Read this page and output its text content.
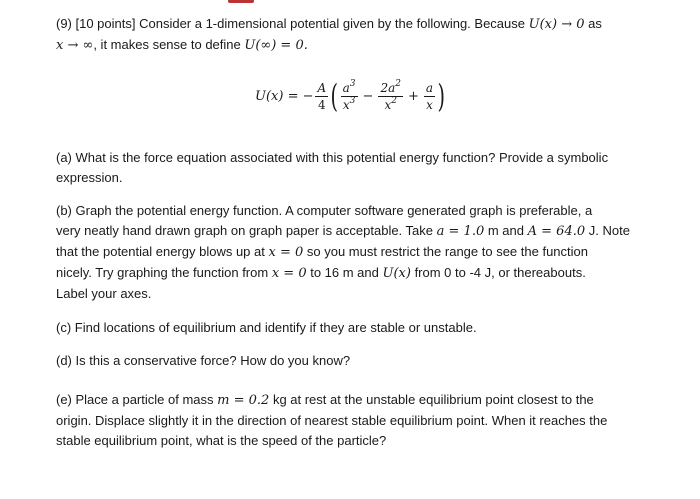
(9) [10 points] Consider a 1-dimensional potential given by the following. Because U(x) → 0 as
x → ∞, it makes sense to define U(∞) = 0.

U(x) = − $\frac{A}{4}$ ( $\frac{a^3}{x^3} - \frac{2a^2}{x^2} + \frac{a}{x}$ )

(a) What is the force equation associated with this potential energy function? Provide a symbolic
expression.

(b) Graph the potential energy function. A computer software generated graph is preferable, a
very neatly hand drawn graph on graph paper is acceptable. Take a = 1.0 m and A = 64.0 J. Note
that the potential energy blows up at x = 0 so you must restrict the range to see the function
nicely. Try graphing the function from x = 0 to 16 m and U(x) from 0 to -4 J, or thereabouts.
Label your axes.

(c) Find locations of equilibrium and identify if they are stable or unstable.

(d) Is this a conservative force? How do you know?

(e) Place a particle of mass m = 0.2 kg at rest at the unstable equilibrium point closest to the
origin. Displace slightly it in the direction of nearest stable equilibrium point. When it reaches the
stable equilibrium point, what is the speed of the particle?
